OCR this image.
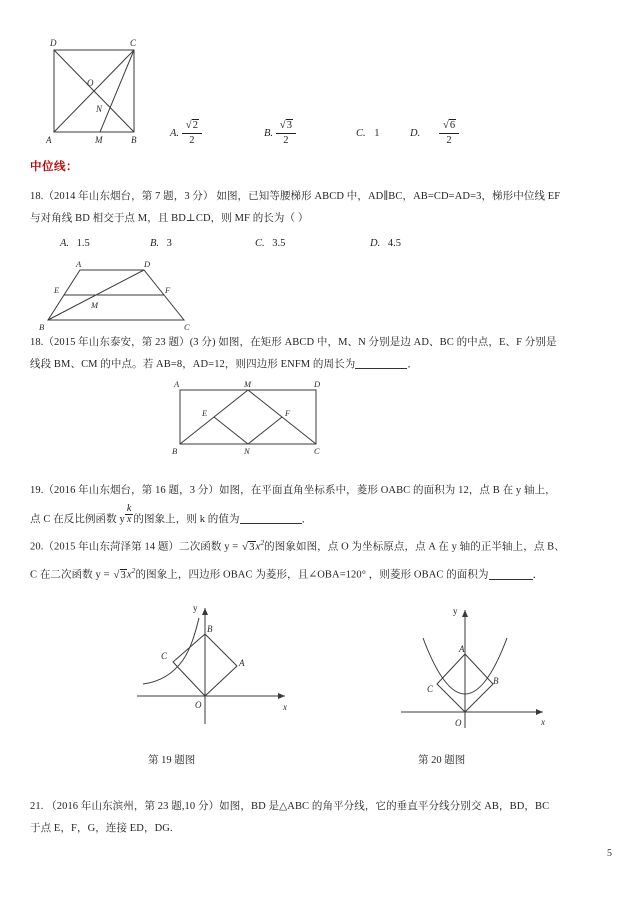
D	C
O
N
A	M	B
A. $\frac{√2}{2}$	B. $\frac{√3}{2}$	C. 1	D. $\frac{√6}{2}$
中位线：
18.（2014 年山东烟台，第 7 题，3 分） 如图，已知等腰梯形 ABCD 中，AD∥BC，AB=CD=AD=3，梯形中位线 EF
与对角线 BD 相交于点 M，且 BD⊥CD，则 MF 的长为（ ）
A. 1.5	B. 3	C. 3.5	D. 4.5
A	D
E	F
M
B	C
18.（2015 年山东泰安，第 23 题）(3 分) 如图，在矩形 ABCD 中，M、N 分别是边 AD、BC 的中点，E、F 分别是
线段 BM、CM 的中点。若 AB=8，AD=12，则四边形 ENFM 的周长为	．
A	M	D
E	F
B	N	C
19.（2016 年山东烟台，第 16 题，3 分）如图，在平面直角坐标系中，菱形 OABC 的面积为 12，点 B 在 y 轴上，
点 C 在反比例函数 y $\frac{k}{x}$ 的图象上，则 k 的值为	．
20.（2015 年山东菏泽第 14 题）二次函数 $y = √3x^2$的图象如图，点 O 为坐标原点，点 A 在 y 轴的正半轴上，点 B、
C 在二次函数 $y = √3x^2$的图象上，四边形 OBAC 为菱形，且∠OBA=120° ，则菱形 OBAC 的面积为	．
y
B
C
A
O	x
y
A
C
B
O	x
第 19 题图	第 20 题图
21. （2016 年山东滨州，第 23 题,10 分）如图，BD 是△ABC 的角平分线，它的垂直平分线分别交 AB，BD，BC
于点 E，F，G，连接 ED，DG.
5
